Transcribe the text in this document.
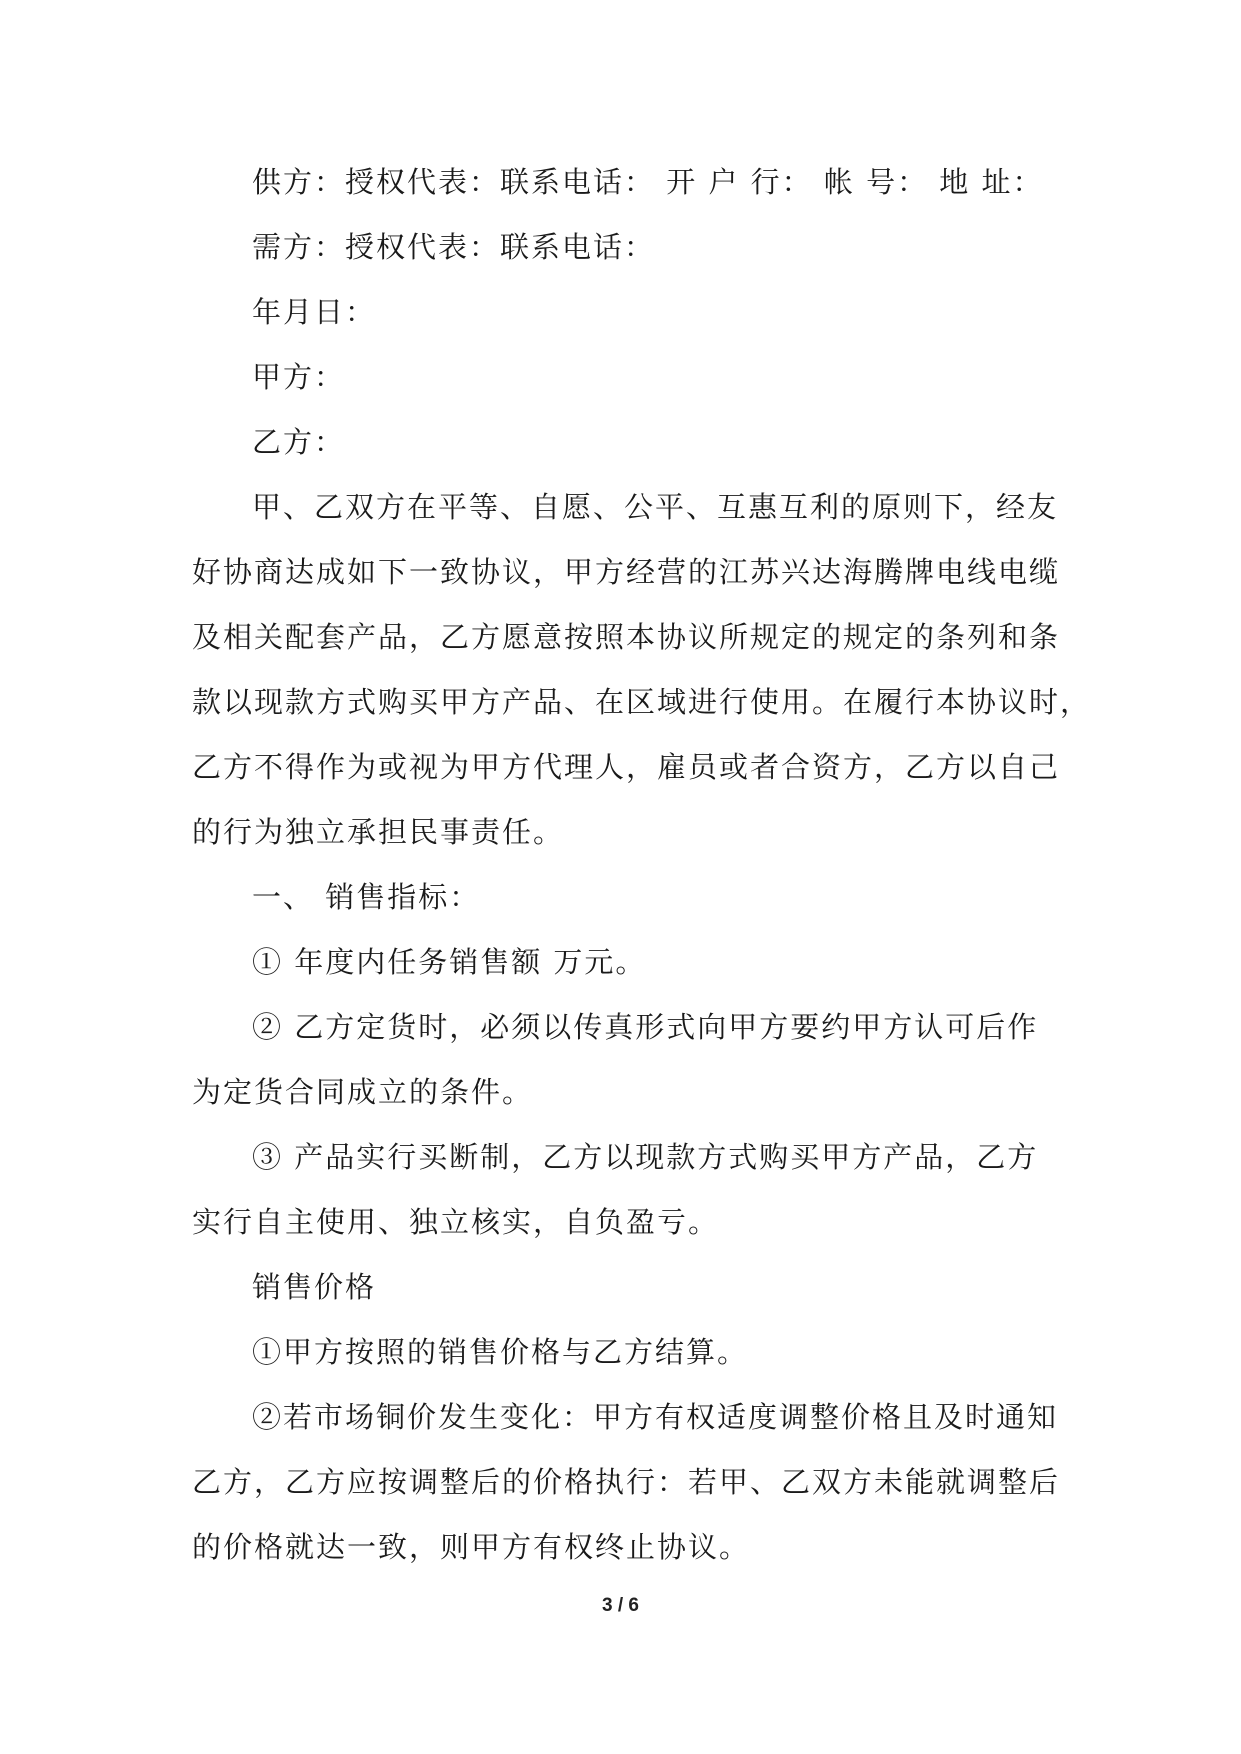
供方：授权代表：联系电话： 开 户 行： 帐 号： 地 址：
需方：授权代表：联系电话：
年月日：
甲方：
乙方：
甲、乙双方在平等、自愿、公平、互惠互利的原则下，经友
好协商达成如下一致协议，甲方经营的江苏兴达海腾牌电线电缆
及相关配套产品，乙方愿意按照本协议所规定的规定的条列和条
款以现款方式购买甲方产品、在区域进行使用。在履行本协议时，
乙方不得作为或视为甲方代理人，雇员或者合资方，乙方以自己
的行为独立承担民事责任。
一、 销售指标：
① 年度内任务销售额 万元。
② 乙方定货时，必须以传真形式向甲方要约甲方认可后作
为定货合同成立的条件。
③ 产品实行买断制，乙方以现款方式购买甲方产品，乙方
实行自主使用、独立核实，自负盈亏。
销售价格
①甲方按照的销售价格与乙方结算。
②若市场铜价发生变化：甲方有权适度调整价格且及时通知
乙方，乙方应按调整后的价格执行：若甲、乙双方未能就调整后
的价格就达一致，则甲方有权终止协议。
3 / 6
